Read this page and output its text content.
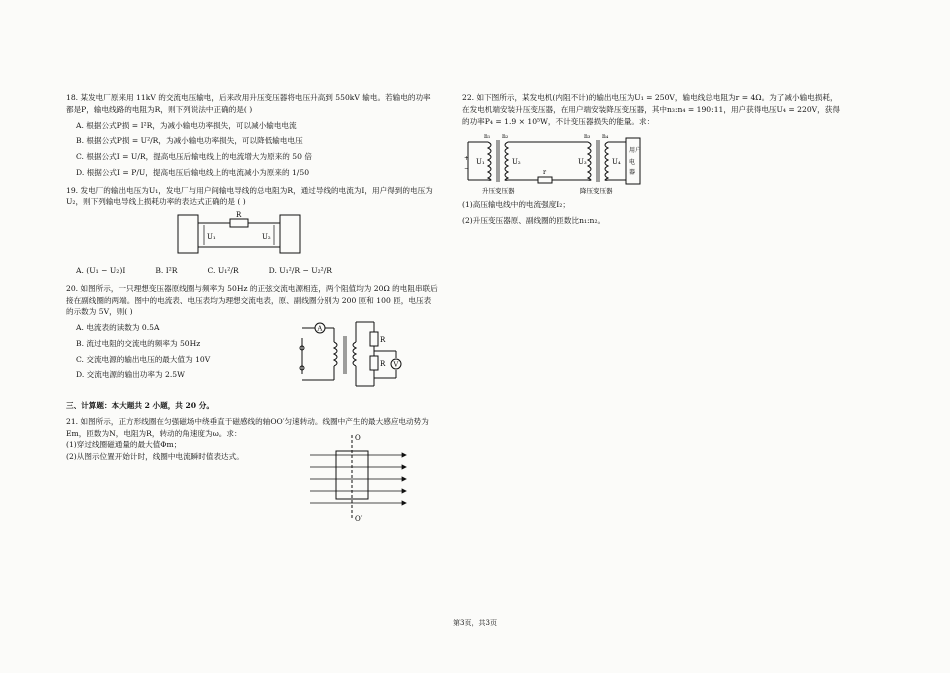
18. 某发电厂原来用 11kV 的交流电压输电，后来改用升压变压器将电压升高到 550kV 输电。若输电的功率都是P，输电线路的电阻为R，则下列说法中正确的是( )
A. 根据公式P损 = I²R，为减小输电功率损失，可以减小输电电流
B. 根据公式P损 = U²/R，为减小输电功率损失，可以降低输电电压
C. 根据公式I = U/R，提高电压后输电线上的电流增大为原来的 50 倍
D. 根据公式I = P/U，提高电压后输电线上的电流减小为原来的 1/50
19. 发电厂的输出电压为U₁，发电厂与用户间输电导线的总电阻为R，通过导线的电流为I，用户得到的电压为U₂，则下列输电导线上损耗功率的表达式正确的是 ( )
R
U₁	U₂
A. (U₁ − U₂)I	B. I²R	C. U₁²/R	D. U₁²/R − U₂²/R
20. 如图所示，一只理想变压器原线圈与频率为 50Hz 的正弦交流电源相连，两个阻值均为 20Ω 的电阻串联后接在副线圈的两端。图中的电流表、电压表均为理想交流电表，原、副线圈分别为 200 匝和 100 匝，电压表的示数为 5V，则( )
A. 电流表的读数为 0.5A
B. 流过电阻的交流电的频率为 50Hz
C. 交流电源的输出电压的最大值为 10V
D. 交流电源的输出功率为 2.5W
A
R
R V
三、计算题：本大题共 2 小题，共 20 分。
21. 如图所示，正方形线圈在匀强磁场中绕垂直于磁感线的轴OO′匀速转动。线圈中产生的最大感应电动势为Em，匝数为N，电阻为R，转动的角速度为ω。求：
(1)穿过线圈磁通量的最大值Φm；
(2)从图示位置开始计时，线圈中电流瞬时值表达式。
O
O′
22. 如下图所示，某发电机(内阻不计)的输出电压为U₁ = 250V，输电线总电阻为r = 4Ω。为了减小输电损耗，在发电机端安装升压变压器，在用户端安装降压变压器，其中n₃:n₄ = 190:11，用户获得电压U₄ = 220V，获得的功率P₄ = 1.9 × 10⁵W，不计变压器损失的能量。求：
+
−
U₁
n₁ n₂
U₂
r
U₃
n₃ n₄
U₄
用户
电
器
升压变压器	降压变压器
(1)高压输电线中的电流强度I₂；
(2)升压变压器原、副线圈的匝数比n₁:n₂。
第3页，共3页
